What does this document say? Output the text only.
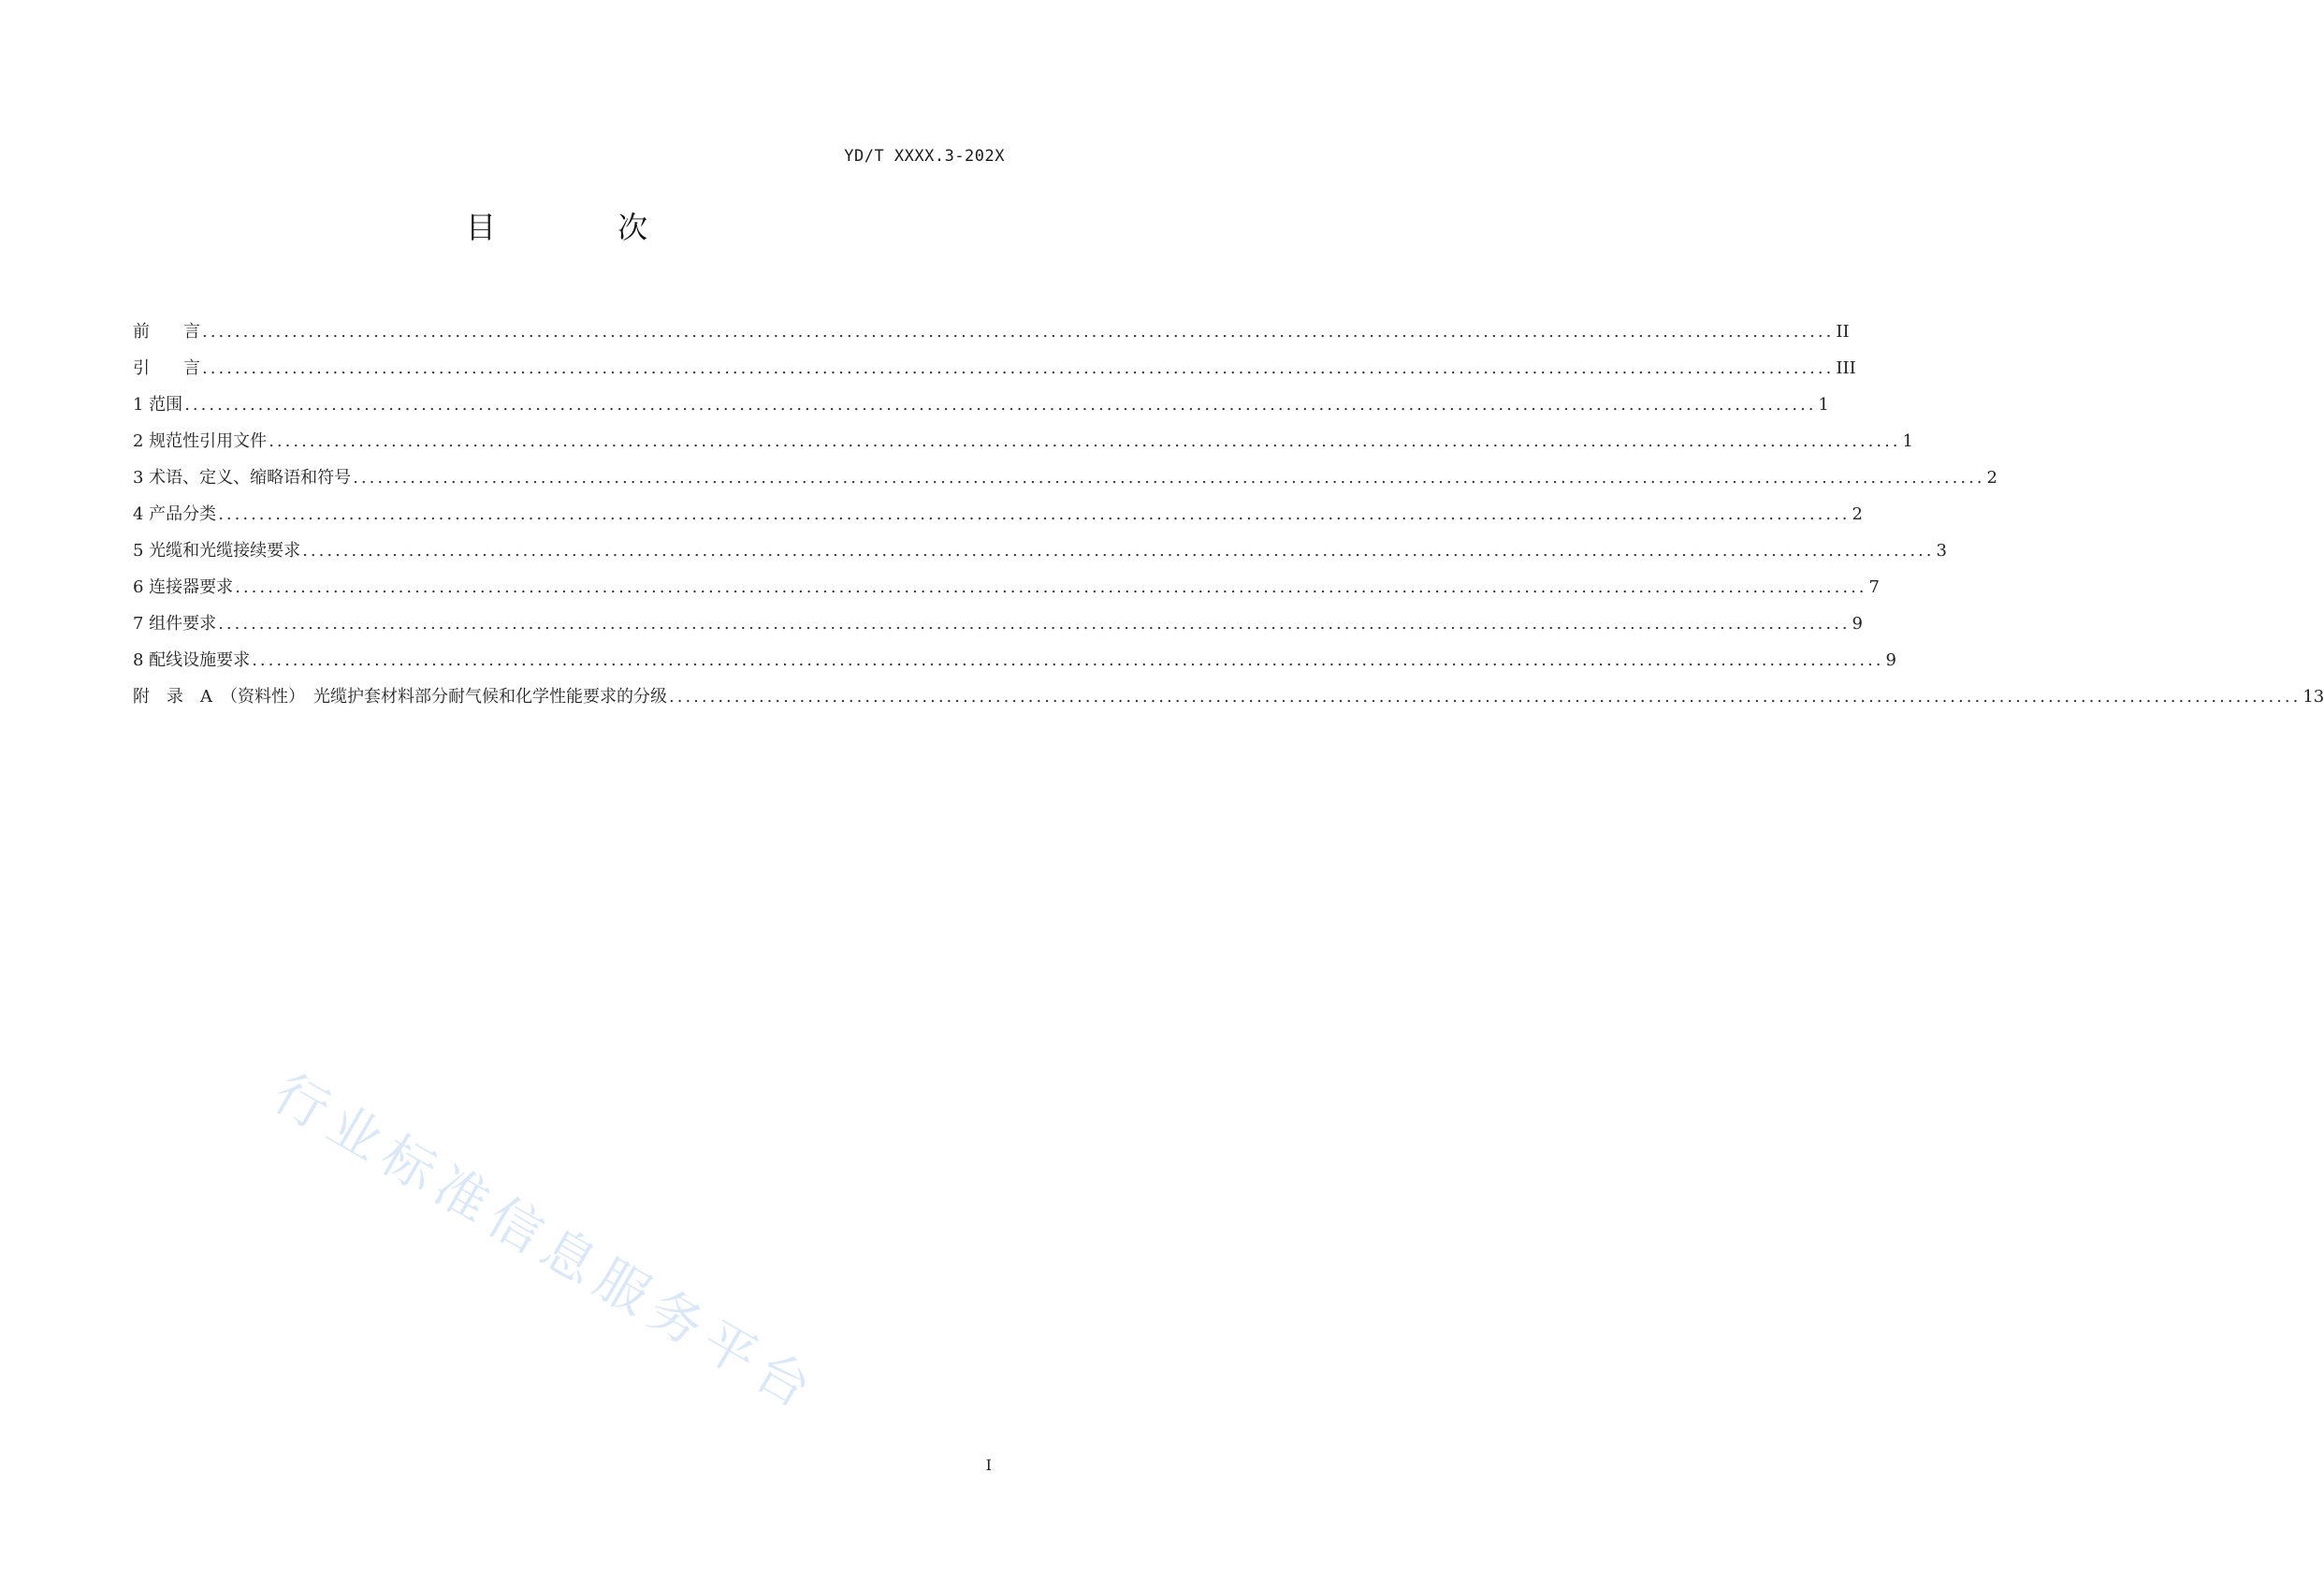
YD/T XXXX.3-202X
目 次
前　　言 ........................................................................................................................................................................................................ II
引　　言 ........................................................................................................................................................................................................ III
1 范围 ........................................................................................................................................................................................................ 1
2 规范性引用文件 ........................................................................................................................................................................................................ 1
3 术语、定义、缩略语和符号 ........................................................................................................................................................................................................ 2
4 产品分类 ........................................................................................................................................................................................................ 2
5 光缆和光缆接续要求 ........................................................................................................................................................................................................ 3
6 连接器要求 ........................................................................................................................................................................................................ 7
7 组件要求 ........................................................................................................................................................................................................ 9
8 配线设施要求 ........................................................................................................................................................................................................ 9
附　录　A　（资料性）　光缆护套材料部分耐气候和化学性能要求的分级 ........................................................................................................................................................................................................ 13
行业标准信息服务平台
I
